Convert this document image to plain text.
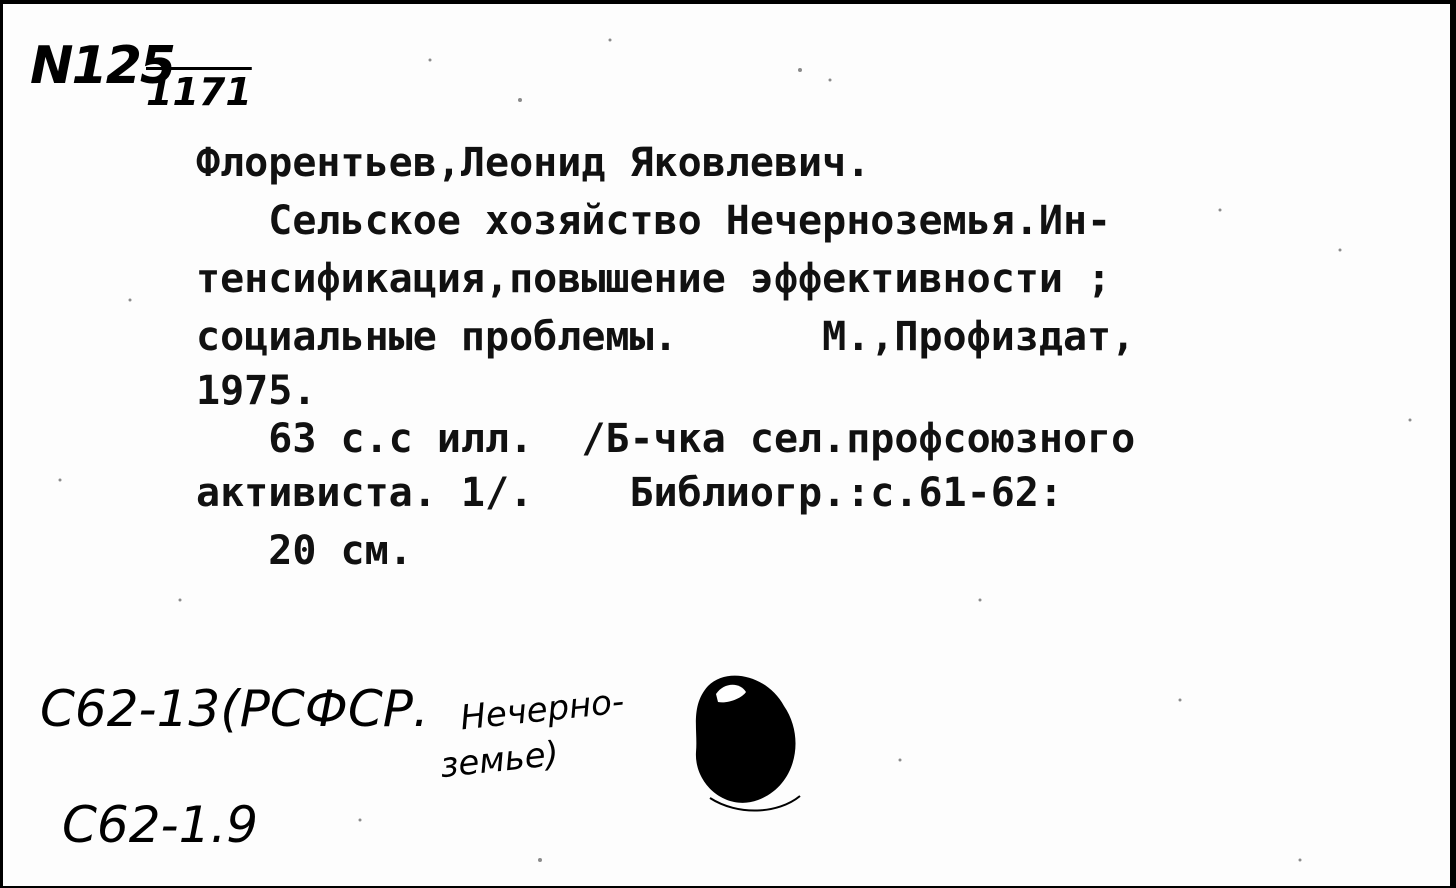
N125
1171
Флорентьев,Леонид Яковлевич.
Сельское хозяйство Нечерноземья.Ин-
тенсификация,повышение эффективности ;
социальные проблемы.      М.,Профиздат,
1975.
63 с.с илл.  /Б-чка сел.профсоюзного
активиста. 1/.    Библиогр.:с.61-62:
20 см.
С62-13(РСФСР. Нечерно-
земье)
С62-1.9
